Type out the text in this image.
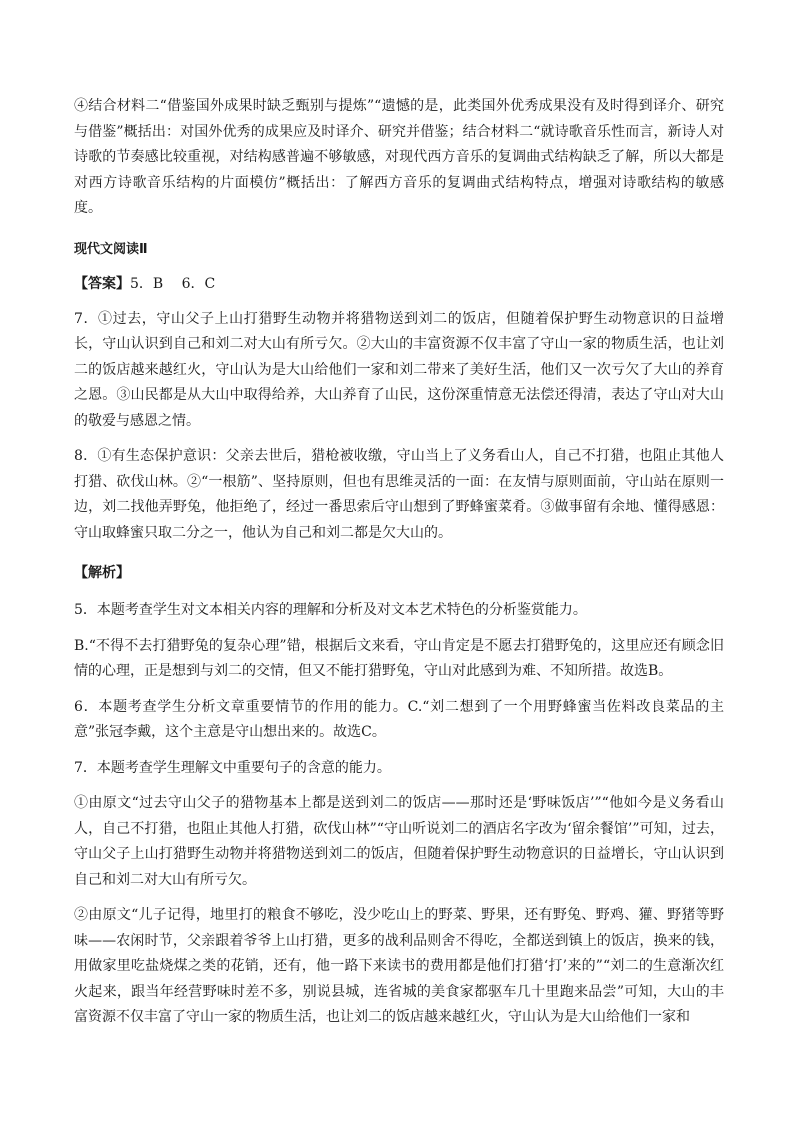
④结合材料二“借鉴国外成果时缺乏甄别与提炼”“遗憾的是，此类国外优秀成果没有及时得到译介、研究与借鉴”概括出：对国外优秀的成果应及时译介、研究并借鉴；结合材料二“就诗歌音乐性而言，新诗人对诗歌的节奏感比较重视，对结构感普遍不够敏感，对现代西方音乐的复调曲式结构缺乏了解，所以大都是对西方诗歌音乐结构的片面模仿”概括出：了解西方音乐的复调曲式结构特点，增强对诗歌结构的敏感度。

现代文阅读Ⅱ
【答案】5．B　 6．C

7．①过去，守山父子上山打猎野生动物并将猎物送到刘二的饭店，但随着保护野生动物意识的日益增长，守山认识到自己和刘二对大山有所亏欠。②大山的丰富资源不仅丰富了守山一家的物质生活，也让刘二的饭店越来越红火，守山认为是大山给他们一家和刘二带来了美好生活，他们又一次亏欠了大山的养育之恩。③山民都是从大山中取得给养，大山养育了山民，这份深重情意无法偿还得清，表达了守山对大山的敬爱与感恩之情。

8．①有生态保护意识：父亲去世后，猎枪被收缴，守山当上了义务看山人，自己不打猎，也阻止其他人打猎、砍伐山林。②“一根筋”、坚持原则，但也有思维灵活的一面：在友情与原则面前，守山站在原则一边，刘二找他弄野兔，他拒绝了，经过一番思索后守山想到了野蜂蜜菜肴。③做事留有余地、懂得感恩：守山取蜂蜜只取二分之一，他认为自己和刘二都是欠大山的。

【解析】

5．本题考查学生对文本相关内容的理解和分析及对文本艺术特色的分析鉴赏能力。

B.“不得不去打猎野兔的复杂心理”错，根据后文来看，守山肯定是不愿去打猎野兔的，这里应还有顾念旧情的心理，正是想到与刘二的交情，但又不能打猎野兔，守山对此感到为难、不知所措。故选B。

6．本题考查学生分析文章重要情节的作用的能力。C.“刘二想到了一个用野蜂蜜当佐料改良菜品的主意”张冠李戴，这个主意是守山想出来的。故选C。

7．本题考查学生理解文中重要句子的含意的能力。

①由原文“过去守山父子的猎物基本上都是送到刘二的饭店——那时还是‘野味饭店’”“他如今是义务看山人，自己不打猎，也阻止其他人打猎，砍伐山林”“守山听说刘二的酒店名字改为‘留余餐馆’”可知，过去，守山父子上山打猎野生动物并将猎物送到刘二的饭店，但随着保护野生动物意识的日益增长，守山认识到自己和刘二对大山有所亏欠。

②由原文“儿子记得，地里打的粮食不够吃，没少吃山上的野菜、野果，还有野兔、野鸡、獾、野猪等野味——农闲时节，父亲跟着爷爷上山打猎，更多的战利品则舍不得吃，全都送到镇上的饭店，换来的钱，用做家里吃盐烧煤之类的花销，还有，他一路下来读书的费用都是他们打猎‘打’来的”“刘二的生意渐次红火起来，跟当年经营野味时差不多，别说县城，连省城的美食家都驱车几十里跑来品尝”可知，大山的丰富资源不仅丰富了守山一家的物质生活，也让刘二的饭店越来越红火，守山认为是大山给他们一家和
